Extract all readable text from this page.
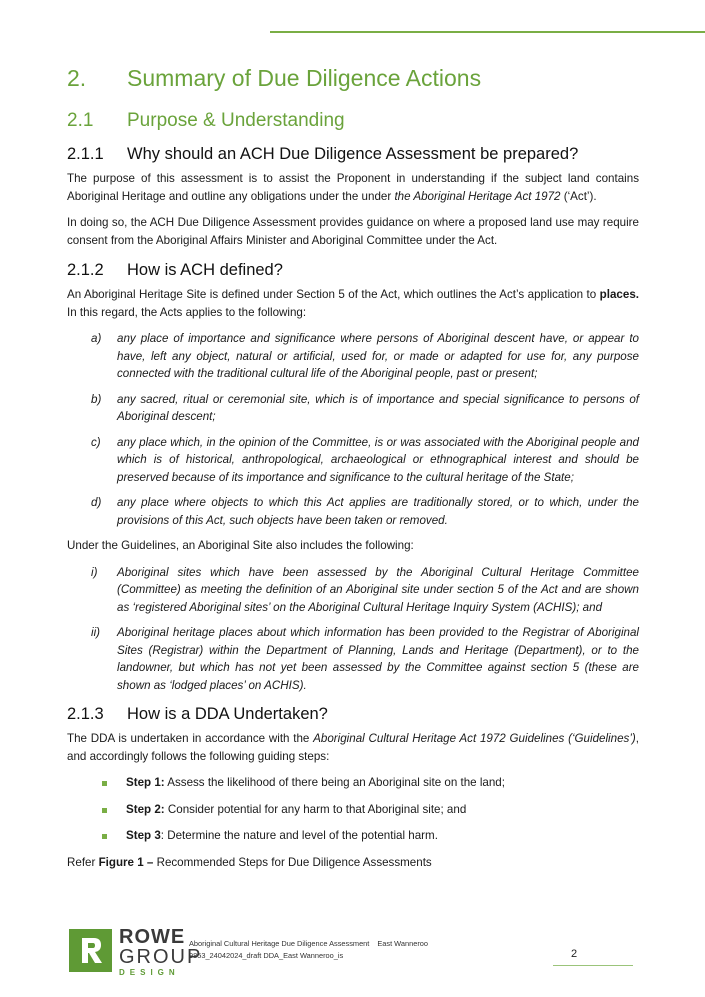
2.	Summary of Due Diligence Actions
2.1	Purpose & Understanding
2.1.1	Why should an ACH Due Diligence Assessment be prepared?

The purpose of this assessment is to assist the Proponent in understanding if the subject land contains Aboriginal Heritage and outline any obligations under the under the Aboriginal Heritage Act 1972 (‘Act’).

In doing so, the ACH Due Diligence Assessment provides guidance on where a proposed land use may require consent from the Aboriginal Affairs Minister and Aboriginal Committee under the Act.

2.1.2	How is ACH defined?

An Aboriginal Heritage Site is defined under Section 5 of the Act, which outlines the Act’s application to places. In this regard, the Acts applies to the following:

a)	any place of importance and significance where persons of Aboriginal descent have, or appear to have, left any object, natural or artificial, used for, or made or adapted for use for, any purpose connected with the traditional cultural life of the Aboriginal people, past or present;
b)	any sacred, ritual or ceremonial site, which is of importance and special significance to persons of Aboriginal descent;
c)	any place which, in the opinion of the Committee, is or was associated with the Aboriginal people and which is of historical, anthropological, archaeological or ethnographical interest and should be preserved because of its importance and significance to the cultural heritage of the State;
d)	any place where objects to which this Act applies are traditionally stored, or to which, under the provisions of this Act, such objects have been taken or removed.

Under the Guidelines, an Aboriginal Site also includes the following:

i)	Aboriginal sites which have been assessed by the Aboriginal Cultural Heritage Committee (Committee) as meeting the definition of an Aboriginal site under section 5 of the Act and are shown as ‘registered Aboriginal sites’ on the Aboriginal Cultural Heritage Inquiry System (ACHIS); and
ii)	Aboriginal heritage places about which information has been provided to the Registrar of Aboriginal Sites (Registrar) within the Department of Planning, Lands and Heritage (Department), or to the landowner, but which has not yet been assessed by the Committee against section 5 (these are shown as ‘lodged places’ on ACHIS).
2.1.3	How is a DDA Undertaken?

The DDA is undertaken in accordance with the Aboriginal Cultural Heritage Act 1972 Guidelines (‘Guidelines’), and accordingly follows the following guiding steps:

Step 1: Assess the likelihood of there being an Aboriginal site on the land;
Step 2: Consider potential for any harm to that Aboriginal site; and
Step 3: Determine the nature and level of the potential harm.

Refer Figure 1 – Recommended Steps for Due Diligence Assessments

ROWE
GROUP
DESIGN
Aboriginal Cultural Heritage Due Diligence Assessment East Wanneroo
9853_24042024_draft DDA_East Wanneroo_is	2
